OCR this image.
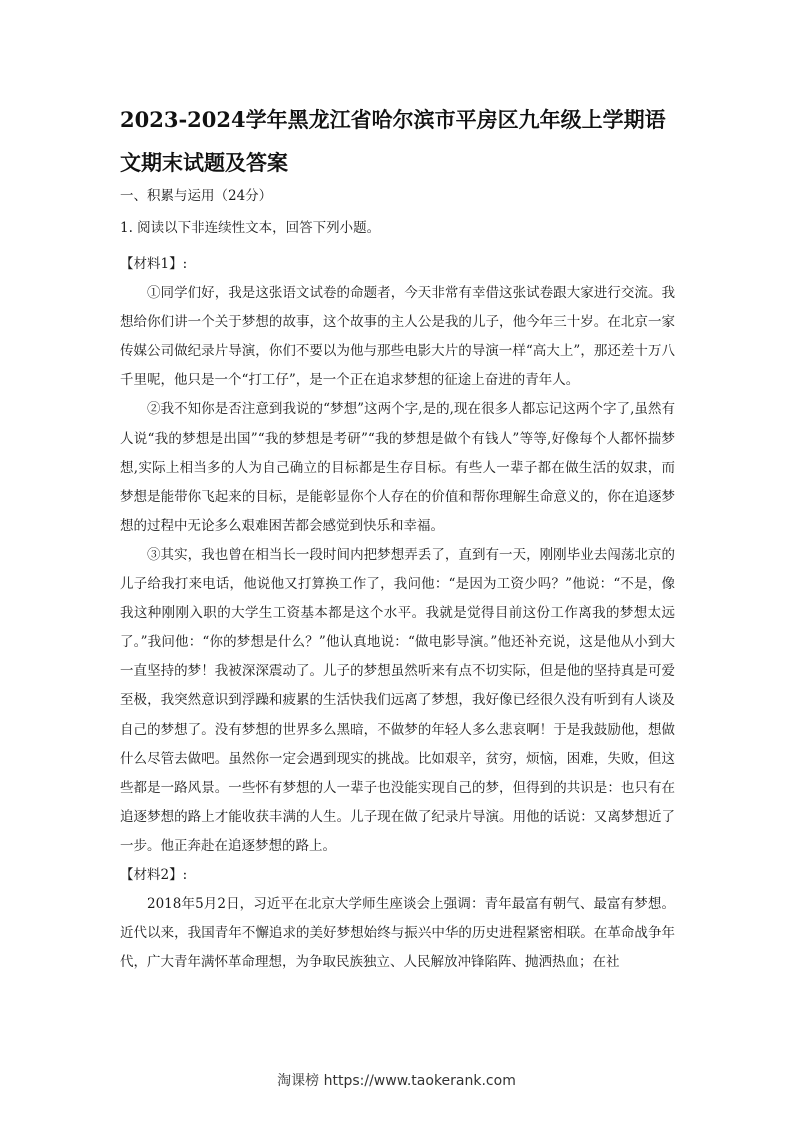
2023-2024学年黑龙江省哈尔滨市平房区九年级上学期语文期末试题及答案
一、积累与运用（24分）
1. 阅读以下非连续性文本，回答下列小题。

【材料1】:

①同学们好，我是这张语文试卷的命题者，今天非常有幸借这张试卷跟大家进行交流。我想给你们讲一个关于梦想的故事，这个故事的主人公是我的儿子，他今年三十岁。在北京一家传媒公司做纪录片导演，你们不要以为他与那些电影大片的导演一样“高大上”，那还差十万八千里呢，他只是一个“打工仔”，是一个正在追求梦想的征途上奋进的青年人。

②我不知你是否注意到我说的“梦想”这两个字,是的,现在很多人都忘记这两个字了,虽然有人说“我的梦想是出国”“我的梦想是考研”“我的梦想是做个有钱人”等等,好像每个人都怀揣梦想,实际上相当多的人为自己确立的目标都是生存目标。有些人一辈子都在做生活的奴隶，而梦想是能带你飞起来的目标，是能彰显你个人存在的价值和帮你理解生命意义的，你在追逐梦想的过程中无论多么艰难困苦都会感觉到快乐和幸福。

③其实，我也曾在相当长一段时间内把梦想弄丢了，直到有一天，刚刚毕业去闯荡北京的儿子给我打来电话，他说他又打算换工作了，我问他：“是因为工资少吗？”他说：“不是，像我这种刚刚入职的大学生工资基本都是这个水平。我就是觉得目前这份工作离我的梦想太远了。”我问他：“你的梦想是什么？”他认真地说：“做电影导演。”他还补充说，这是他从小到大一直坚持的梦！我被深深震动了。儿子的梦想虽然听来有点不切实际，但是他的坚持真是可爱至极，我突然意识到浮躁和疲累的生活快我们远离了梦想，我好像已经很久没有听到有人谈及自己的梦想了。没有梦想的世界多么黑暗，不做梦的年轻人多么悲哀啊！于是我鼓励他，想做什么尽管去做吧。虽然你一定会遇到现实的挑战。比如艰辛，贫穷，烦恼，困难，失败，但这些都是一路风景。一些怀有梦想的人一辈子也没能实现自己的梦，但得到的共识是：也只有在追逐梦想的路上才能收获丰满的人生。儿子现在做了纪录片导演。用他的话说：又离梦想近了一步。他正奔赴在追逐梦想的路上。

【材料2】:

2018年5月2日，习近平在北京大学师生座谈会上强调：青年最富有朝气、最富有梦想。近代以来，我国青年不懈追求的美好梦想始终与振兴中华的历史进程紧密相联。在革命战争年代，广大青年满怀革命理想，为争取民族独立、人民解放冲锋陷阵、抛洒热血；在社

淘课榜 https://www.taokerank.com
